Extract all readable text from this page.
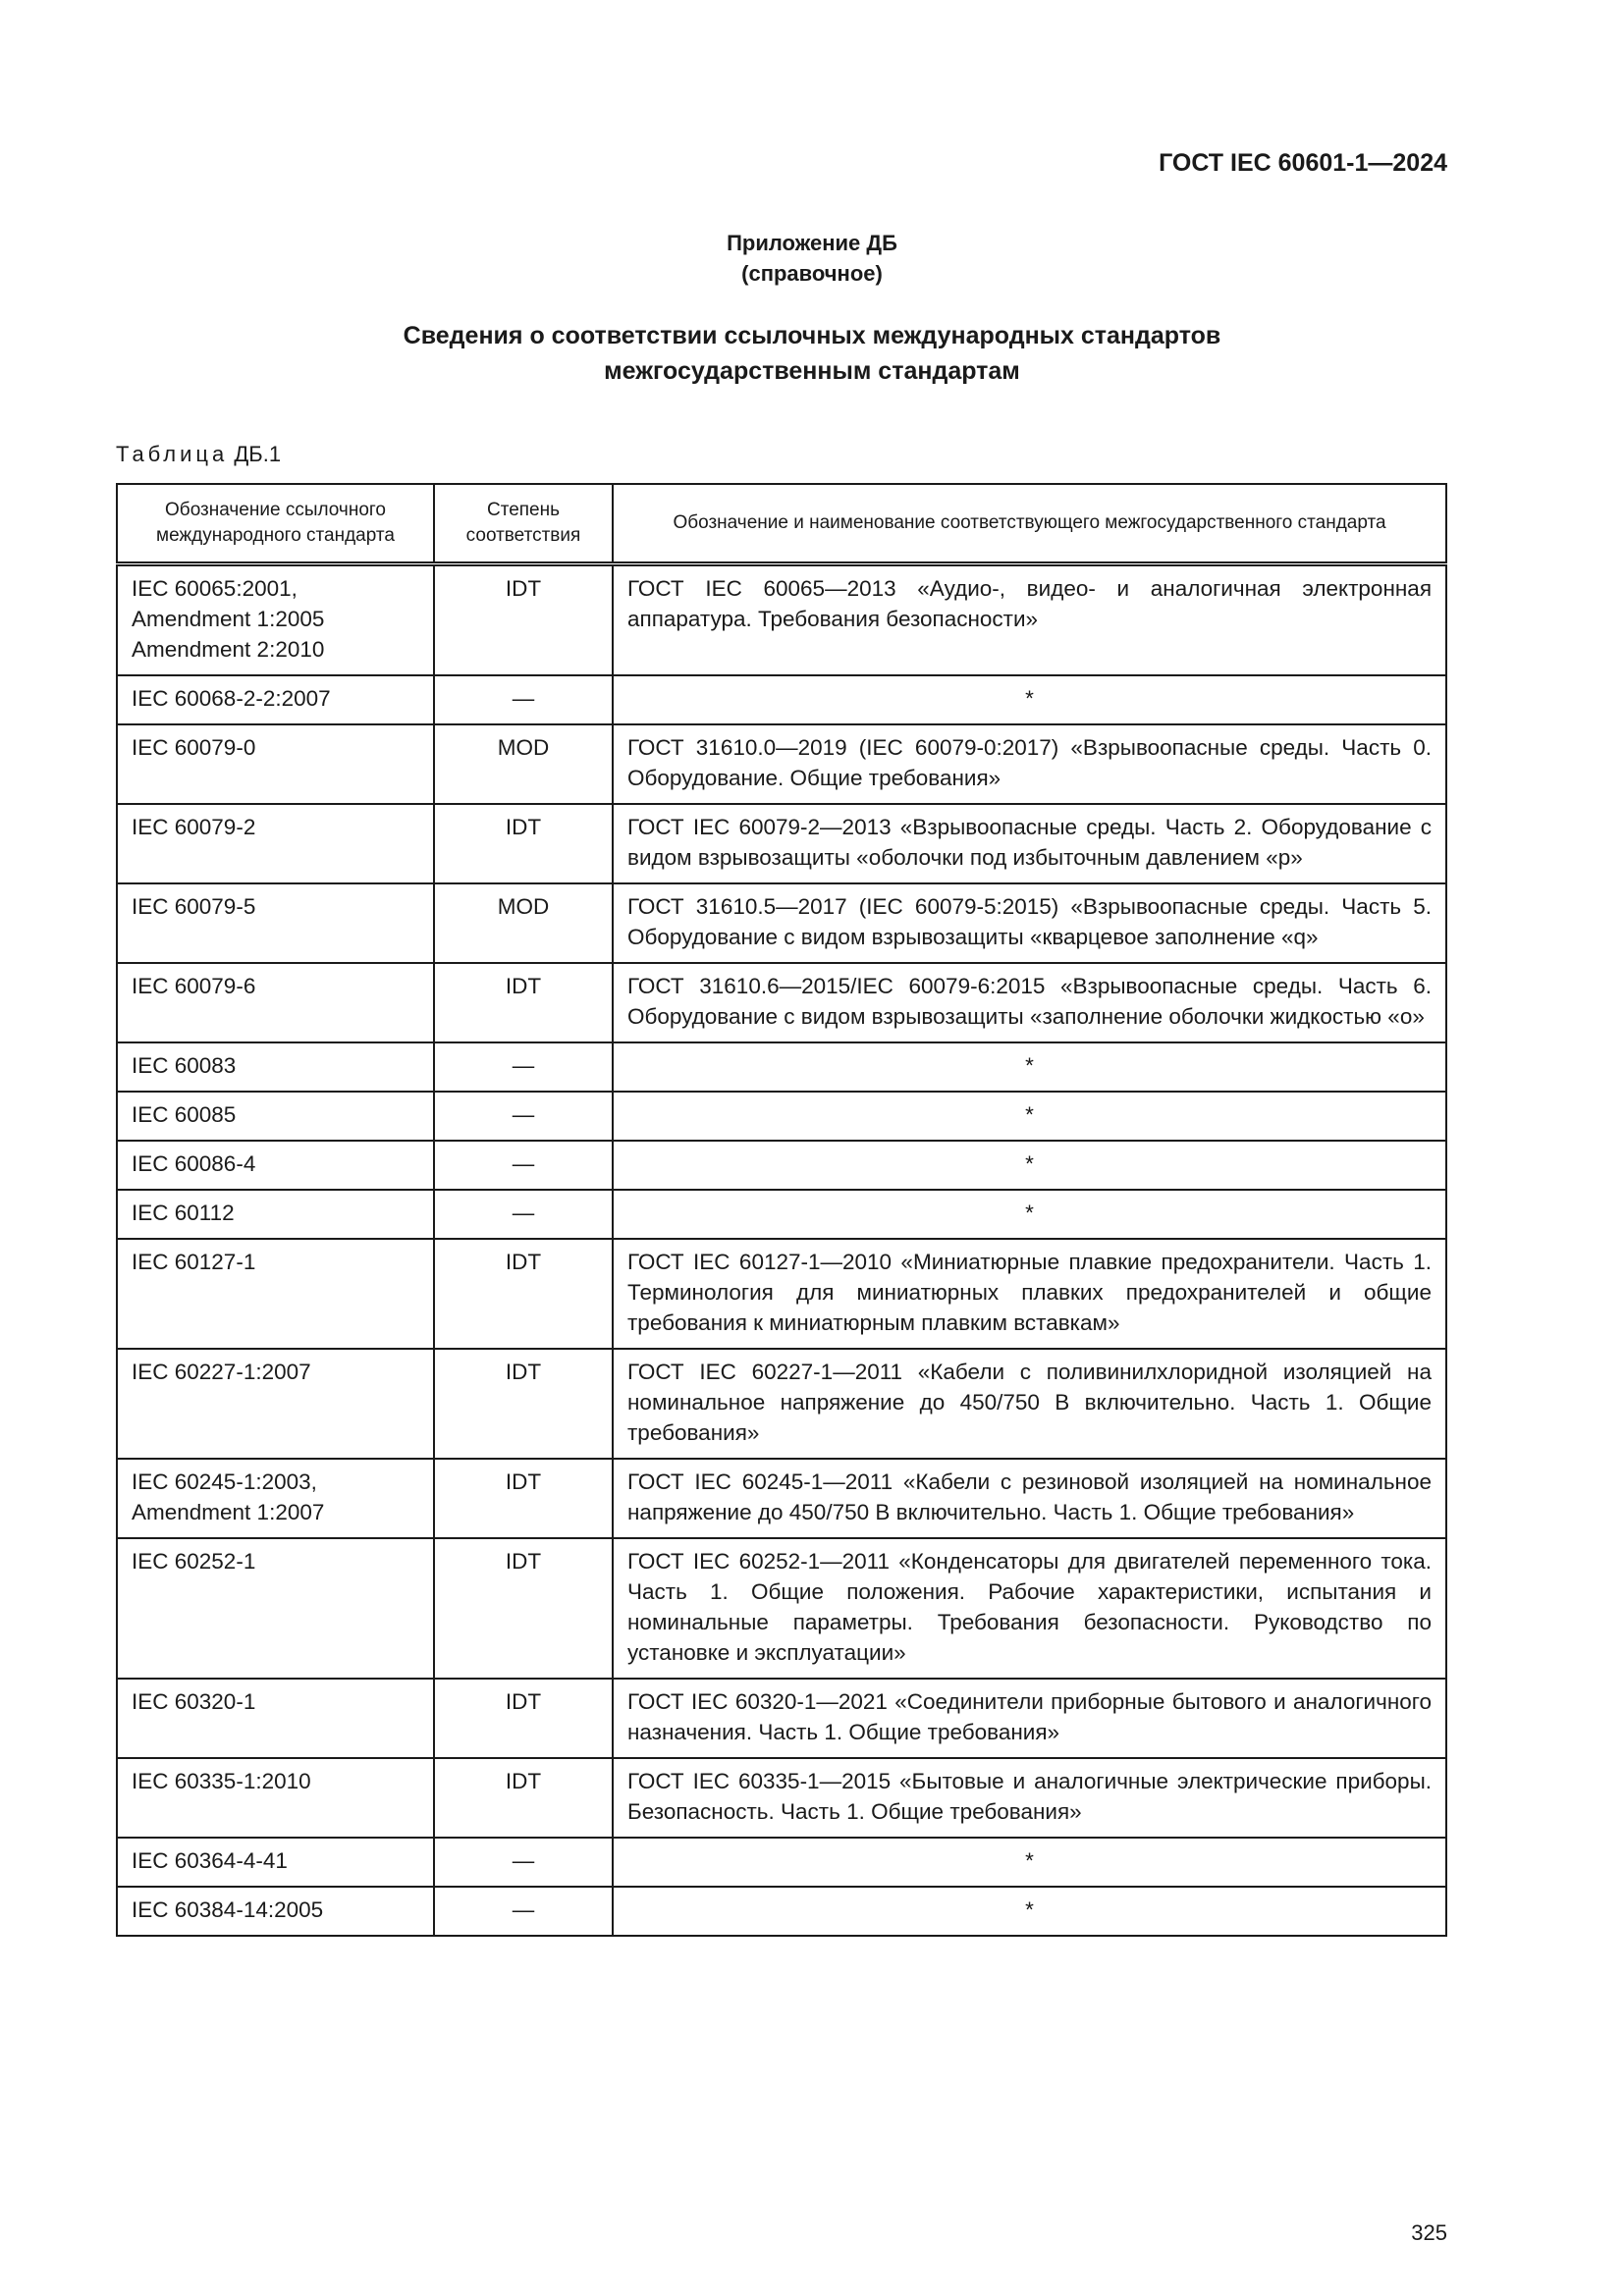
ГОСТ IEC 60601-1—2024
Приложение ДБ
(справочное)
Сведения о соответствии ссылочных международных стандартов
межгосударственным стандартам
Таблица ДБ.1
Обозначение ссылочного международного стандарта	Степень соответствия	Обозначение и наименование соответствующего межгосударственного стандарта
IEC 60065:2001,
Amendment 1:2005
Amendment 2:2010	IDT	ГОСТ IEC 60065—2013 «Аудио-, видео- и аналогичная электронная аппаратура. Требования безопасности»
IEC 60068-2-2:2007	—	*
IEC 60079-0	MOD	ГОСТ 31610.0—2019 (IEC 60079-0:2017) «Взрывоопасные среды. Часть 0. Оборудование. Общие требования»
IEC 60079-2	IDT	ГОСТ IEC 60079-2—2013 «Взрывоопасные среды. Часть 2. Оборудование с видом взрывозащиты «оболочки под избыточным давлением «р»
IEC 60079-5	MOD	ГОСТ 31610.5—2017 (IEC 60079-5:2015) «Взрывоопасные среды. Часть 5. Оборудование с видом взрывозащиты «кварцевое заполнение «q»
IEC 60079-6	IDT	ГОСТ 31610.6—2015/IEC 60079-6:2015 «Взрывоопасные среды. Часть 6. Оборудование с видом взрывозащиты «заполнение оболочки жидкостью «о»
IEC 60083	—	*
IEC 60085	—	*
IEC 60086-4	—	*
IEC 60112	—	*
IEC 60127-1	IDT	ГОСТ IEC 60127-1—2010 «Миниатюрные плавкие предохранители. Часть 1. Терминология для миниатюрных плавких предохранителей и общие требования к миниатюрным плавким вставкам»
IEC 60227-1:2007	IDT	ГОСТ IEC 60227-1—2011 «Кабели с поливинилхлоридной изоляцией на номинальное напряжение до 450/750 В включительно. Часть 1. Общие требования»
IEC 60245-1:2003,
Amendment 1:2007	IDT	ГОСТ IEC 60245-1—2011 «Кабели с резиновой изоляцией на номинальное напряжение до 450/750 В включительно. Часть 1. Общие требования»
IEC 60252-1	IDT	ГОСТ IEC 60252-1—2011 «Конденсаторы для двигателей переменного тока. Часть 1. Общие положения. Рабочие характеристики, испытания и номинальные параметры. Требования безопасности. Руководство по установке и эксплуатации»
IEC 60320-1	IDT	ГОСТ IEC 60320-1—2021 «Соединители приборные бытового и аналогичного назначения. Часть 1. Общие требования»
IEC 60335-1:2010	IDT	ГОСТ IEC 60335-1—2015 «Бытовые и аналогичные электрические приборы. Безопасность. Часть 1. Общие требования»
IEC 60364-4-41	—	*
IEC 60384-14:2005	—	*
325
